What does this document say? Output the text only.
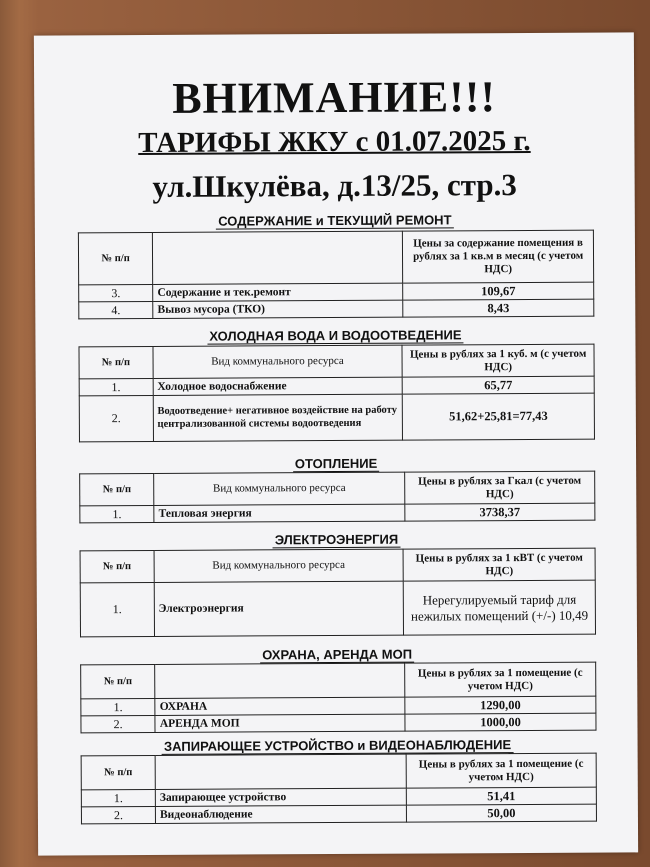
ВНИМАНИЕ!!!
ТАРИФЫ ЖКУ с 01.07.2025 г.
ул.Шкулёва, д.13/25, стр.3
СОДЕРЖАНИЕ и ТЕКУЩИЙ РЕМОНТ
№ п/п		Цены за содержание помещения в рублях за 1 кв.м в месяц (с учетом НДС)
3.	Содержание и тек.ремонт	109,67
4.	Вывоз мусора (ТКО)	8,43
ХОЛОДНАЯ ВОДА И ВОДООТВЕДЕНИЕ
№ п/п	Вид коммунального ресурса	Цены в рублях за 1 куб. м (с учетом НДС)
1.	Холодное водоснабжение	65,77
2.	Водоотведение+ негативное воздействие на работу централизованной системы водоотведения	51,62+25,81=77,43
ОТОПЛЕНИЕ
№ п/п	Вид коммунального ресурса	Цены в рублях за Гкал (с учетом НДС)
1.	Тепловая энергия	3738,37
ЭЛЕКТРОЭНЕРГИЯ
№ п/п	Вид коммунального ресурса	Цены в рублях за 1 кВТ (с учетом НДС)
1.	Электроэнергия	Нерегулируемый тариф для нежилых помещений (+/-) 10,49
ОХРАНА, АРЕНДА МОП
№ п/п		Цены в рублях за 1 помещение (с учетом НДС)
1.	ОХРАНА	1290,00
2.	АРЕНДА МОП	1000,00
ЗАПИРАЮЩЕЕ УСТРОЙСТВО и ВИДЕОНАБЛЮДЕНИЕ
№ п/п		Цены в рублях за 1 помещение (с учетом НДС)
1.	Запирающее устройство	51,41
2.	Видеонаблюдение	50,00
